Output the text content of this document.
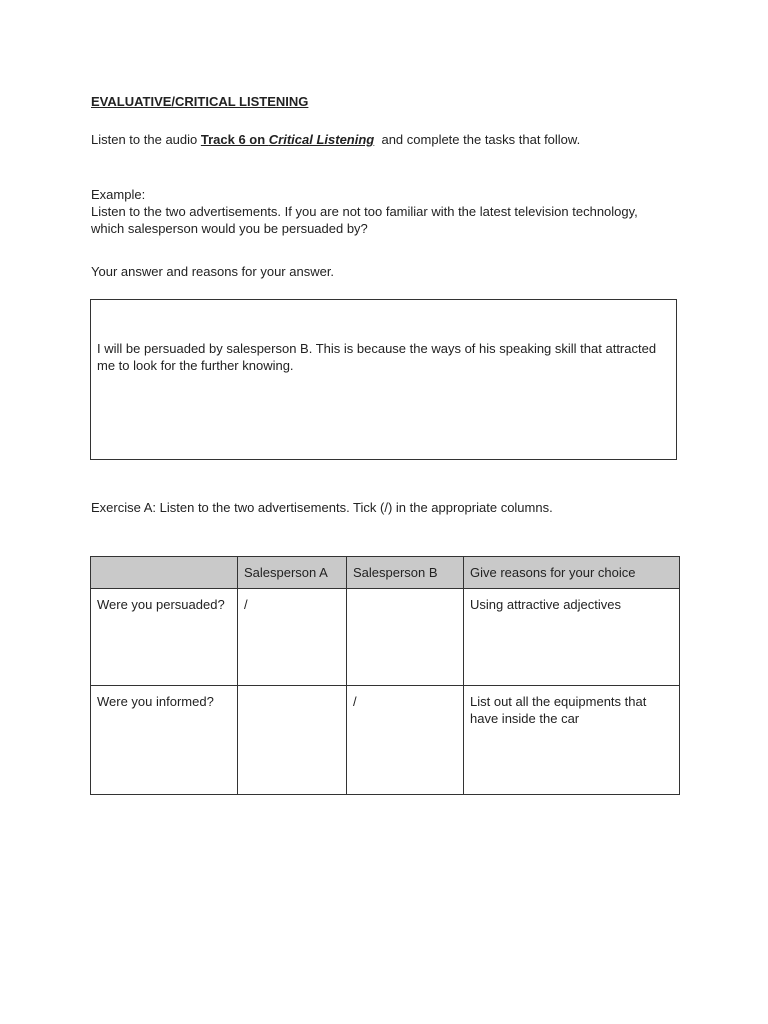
EVALUATIVE/CRITICAL LISTENING
Listen to the audio Track 6 on Critical Listening  and complete the tasks that follow.
Example:
Listen to the two advertisements. If you are not too familiar with the latest television technology,
which salesperson would you be persuaded by?
Your answer and reasons for your answer.
I will be persuaded by salesperson B. This is because the ways of his speaking skill that attracted me to look for the further knowing.
Exercise A: Listen to the two advertisements. Tick (/) in the appropriate columns.
	Salesperson A	Salesperson B	Give reasons for your choice
Were you persuaded?	/		Using attractive adjectives
Were you informed?		/	List out all the equipments that have inside the car
